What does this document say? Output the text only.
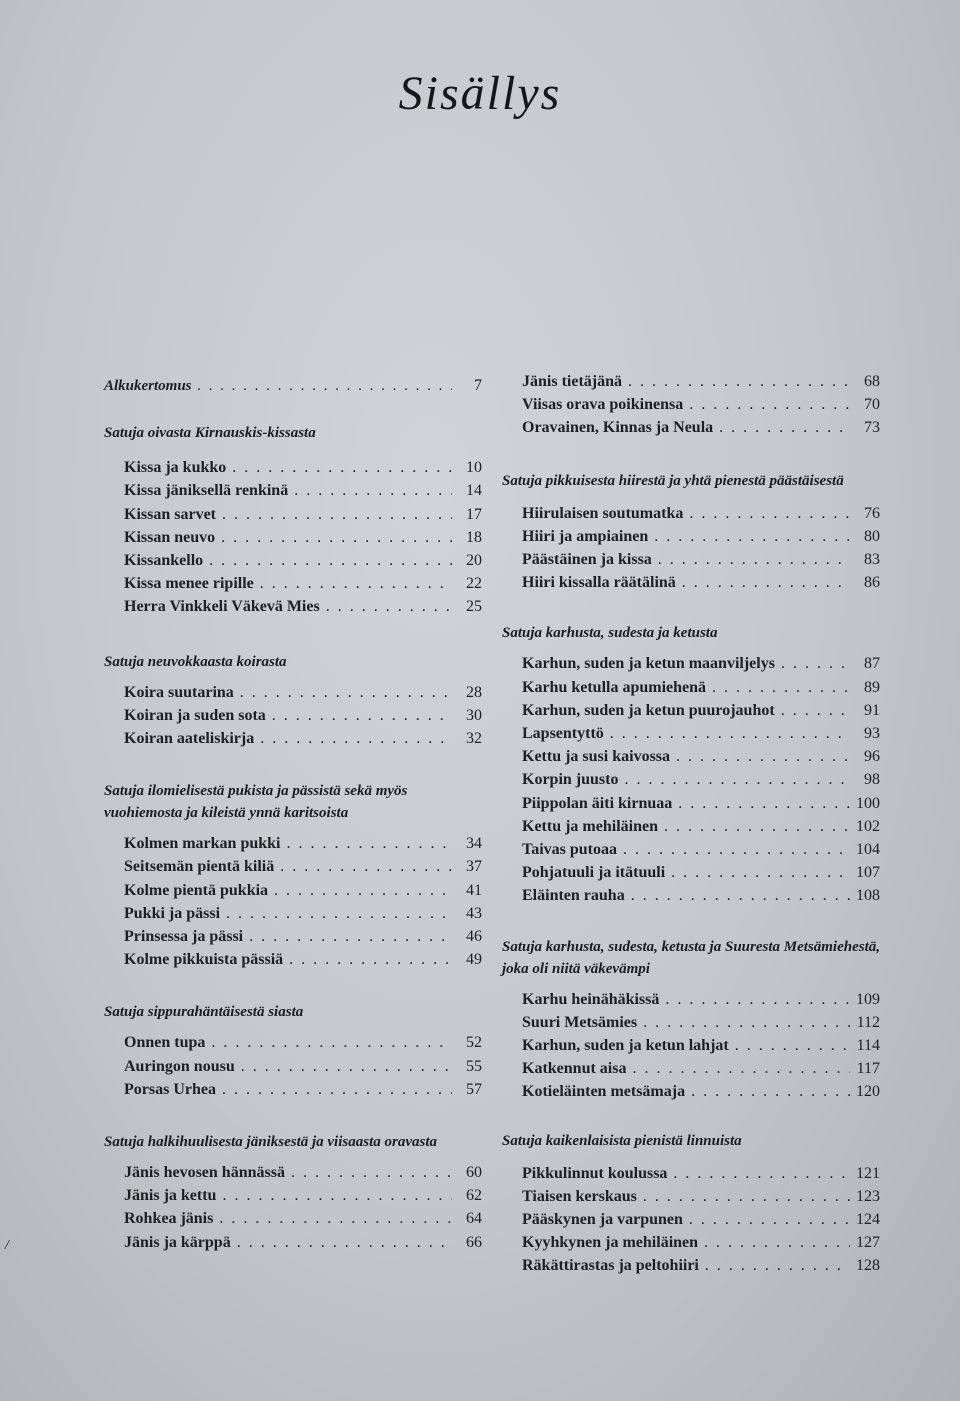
Sisällys
Alkukertomus . . .	7
Satuja oivasta Kirnauskis-kissasta
Kissa ja kukko . . .	10
Kissa jäniksellä renkinä . . .	14
Kissan sarvet . . .	17
Kissan neuvo . . .	18
Kissankello . . .	20
Kissa menee ripille . . .	22
Herra Vinkkeli Väkevä Mies . . .	25
Satuja neuvokkaasta koirasta
Koira suutarina . . .	28
Koiran ja suden sota . . .	30
Koiran aateliskirja . . .	32
Satuja ilomielisestä pukista ja pässistä sekä myös vuohiemosta ja kileistä ynnä karitsoista
Kolmen markan pukki . . .	34
Seitsemän pientä kiliä . . .	37
Kolme pientä pukkia . . .	41
Pukki ja pässi . . .	43
Prinsessa ja pässi . . .	46
Kolme pikkuista pässiä . . .	49
Satuja sippurahäntäisestä siasta
Onnen tupa . . .	52
Auringon nousu . . .	55
Porsas Urhea . . .	57
Satuja halkihuulisesta jäniksestä ja viisaasta oravasta
Jänis hevosen hännässä . . .	60
Jänis ja kettu . . .	62
Rohkea jänis . . .	64
Jänis ja kärppä . . .	66
Jänis tietäjänä . . .	68
Viisas orava poikinensa . . .	70
Oravainen, Kinnas ja Neula . . .	73
Satuja pikkuisesta hiirestä ja yhtä pienestä päästäisestä
Hiirulaisen soutumatka . . .	76
Hiiri ja ampiainen . . .	80
Päästäinen ja kissa . . .	83
Hiiri kissalla räätälinä . . .	86
Satuja karhusta, sudesta ja ketusta
Karhun, suden ja ketun maanviljelys . . .	87
Karhu ketulla apumiehenä . . .	89
Karhun, suden ja ketun puurojauhot . . .	91
Lapsentyttö . . .	93
Kettu ja susi kaivossa . . .	96
Korpin juusto . . .	98
Piippolan äiti kirnuaa . . .	100
Kettu ja mehiläinen . . .	102
Taivas putoaa . . .	104
Pohjatuuli ja itätuuli . . .	107
Eläinten rauha . . .	108
Satuja karhusta, sudesta, ketusta ja Suuresta Metsämiehestä, joka oli niitä väkevämpi
Karhu heinähäkissä . . .	109
Suuri Metsämies . . .	112
Karhun, suden ja ketun lahjat . . .	114
Katkennut aisa . . .	117
Kotieläinten metsämaja . . .	120
Satuja kaikenlaisista pienistä linnuista
Pikkulinnut koulussa . . .	121
Tiaisen kerskaus . . .	123
Pääskynen ja varpunen . . .	124
Kyyhkynen ja mehiläinen . . .	127
Räkättirastas ja peltohiiri . . .	128
/
